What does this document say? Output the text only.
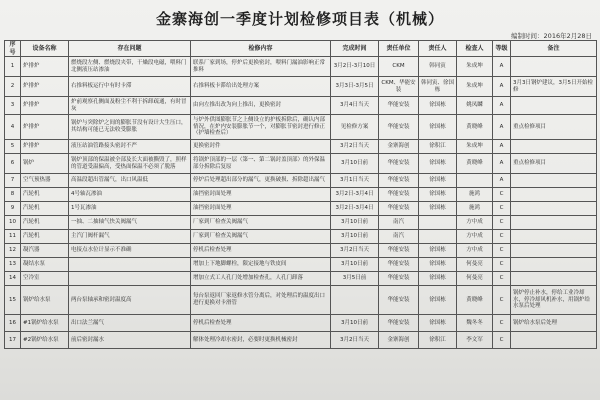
金寨海创一季度计划检修项目表（机械）
编制时间：2016年2月28日
序号	设备名称	存在问题	检修内容	完成时间	责任单位	责任人	检查人	等级	备注
1	炉排炉	燃烧段左侧、燃烧段夹带，干燥段电磁，喂料门北侧液压站渗油	联系厂家到场，停炉后更换密封，喂料门漏油影响正常推料	3月2日-3月10日	CKM	韩同寅	朱成坤	A	
2	炉排炉	右推料板运行中有时卡滞	右推料板卡滞给出处理方案	3月3日-3月5日	CKM、华能安装	韩同寅、徐国栋	朱成坤	A	3月3日钢炉建议，3月5日开始检修
3	炉排炉	炉前观察孔侧面及粉尘不利于拆卸疏通，有时冒灰	由向左推出改为向上推出，更换密封	3月4日当天	华能安装	徐国栋	姚凤麟	A	
4	炉排炉	锅炉与突除炉之间的膨胀节没有设计大生压口，其结构可能已无法收受膨胀	与炉外供图膨胀节之上侧设立的护板拆除后，确认内部情况，在炉内安装膨胀节一个，对膨胀节密封进行修正（护墙检查后）	见检修方案	华能安装	徐国栋	黄晓峰	A	重点检修项目
5	炉排炉	液压站油管路接头密封不严	更换密封件	3月2日当天	金寨海创	徐积江	朱成坤	A	
6	锅炉	锅炉顶部的保温被全部及长大面被撕毁了，照样的管道受温偏高，受热面保温不必须了脱落	将锅炉顶部的一层（第一、第二锅封盖顶部）的外保温部分拆除后复原	3月10日前	华能安装	徐国栋	黄晓峰	A	重点检修项目
7	空气预热器	高温段超出管漏气，出口风温低	停炉后处理超出部分的漏气，更换破损、拆除超出漏气	3月1日当天	华能安装	徐国栋		A	
8	汽轮机	4号轴瓦渗油	油挡密封面处理	3月2日-3月4日	华能安装	徐国栋	施鸿	C	
9	汽轮机	1号瓦渗油	油挡密封面处理	3月2日-3月4日	华能安装	徐国栋	施鸿	C	
10	汽轮机	一抽、二抽轴气快关阀漏气	厂家到厂检查关阀漏气	3月10日前	南汽		方中成	C	
11	汽轮机	主汽门阀杆漏气	厂家到厂检查关阀漏气	3月10日前	南汽		方中成	C	
12	凝汽器	电接点水位计显示不准确	停机后检查处理	3月2日当天	华能安装	徐国栋	方中成	C	
13	凝结水泵		增加上下地脚螺栓，限定接地与铁皮间	3月10日前	华能安装	徐国栋	何曼亮	C	
14	空冷室		增加立式工人孔门处增加检查孔，人孔门卸落	3月5日前	华能安装	徐国栋	何曼亮	C	
15	锅炉给水泵	两台泵轴承和密封温度高	每台泵返回厂家返修水管分离后，对处理后的温度出口进行更换对卡滑管		华能安装	徐国栋	黄晓峰	C	锅炉停止补水，停给工业冷却水，停冷却风机补水，用锅炉给水泵后处理
16	#1锅炉给水泵	出口法兰漏气	停机后检查处理	3月10日前	华能安装	徐国栋	魏冬冬	C	锅炉给水泵后处理
17	#2锅炉给水泵	前后密封漏水	解体处理冷却水密封，必要时更换机械密封	3月2日当天	金寨海创	徐积江	李文军	C	
